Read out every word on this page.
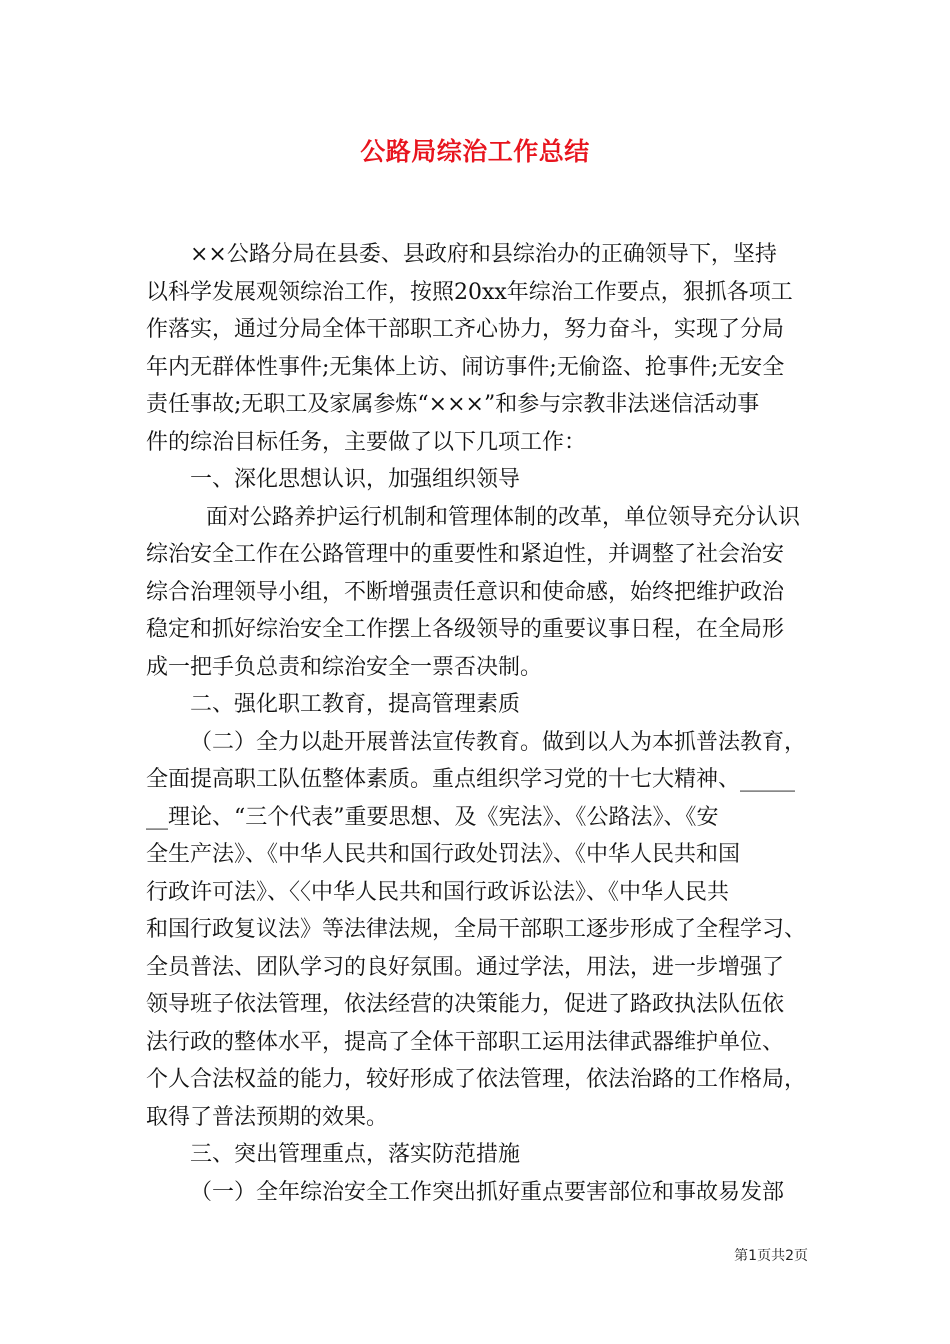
公路局综治工作总结
××公路分局在县委、县政府和县综治办的正确领导下，坚持
以科学发展观领综治工作，按照20xx年综治工作要点，狠抓各项工
作落实，通过分局全体干部职工齐心协力，努力奋斗，实现了分局
年内无群体性事件;无集体上访、闹访事件;无偷盗、抢事件;无安全
责任事故;无职工及家属参炼“×××”和参与宗教非法迷信活动事
件的综治目标任务，主要做了以下几项工作：
一、深化思想认识，加强组织领导
面对公路养护运行机制和管理体制的改革，单位领导充分认识
综治安全工作在公路管理中的重要性和紧迫性，并调整了社会治安
综合治理领导小组，不断增强责任意识和使命感，始终把维护政治
稳定和抓好综治安全工作摆上各级领导的重要议事日程，在全局形
成一把手负总责和综治安全一票否决制。
二、强化职工教育，提高管理素质
（二）全力以赴开展普法宣传教育。做到以人为本抓普法教育，
全面提高职工队伍整体素质。重点组织学习党的十七大精神、_____
__理论、“三个代表”重要思想、及《宪法》、《公路法》、《安
全生产法》、《中华人民共和国行政处罚法》、《中华人民共和国
行政许可法》、〈〈中华人民共和国行政诉讼法》、《中华人民共
和国行政复议法》等法律法规，全局干部职工逐步形成了全程学习、
全员普法、团队学习的良好氛围。通过学法，用法，进一步增强了
领导班子依法管理，依法经营的决策能力，促进了路政执法队伍依
法行政的整体水平，提高了全体干部职工运用法律武器维护单位、
个人合法权益的能力，较好形成了依法管理，依法治路的工作格局，
取得了普法预期的效果。
三、突出管理重点，落实防范措施
（一）全年综治安全工作突出抓好重点要害部位和事故易发部
第1页共2页
